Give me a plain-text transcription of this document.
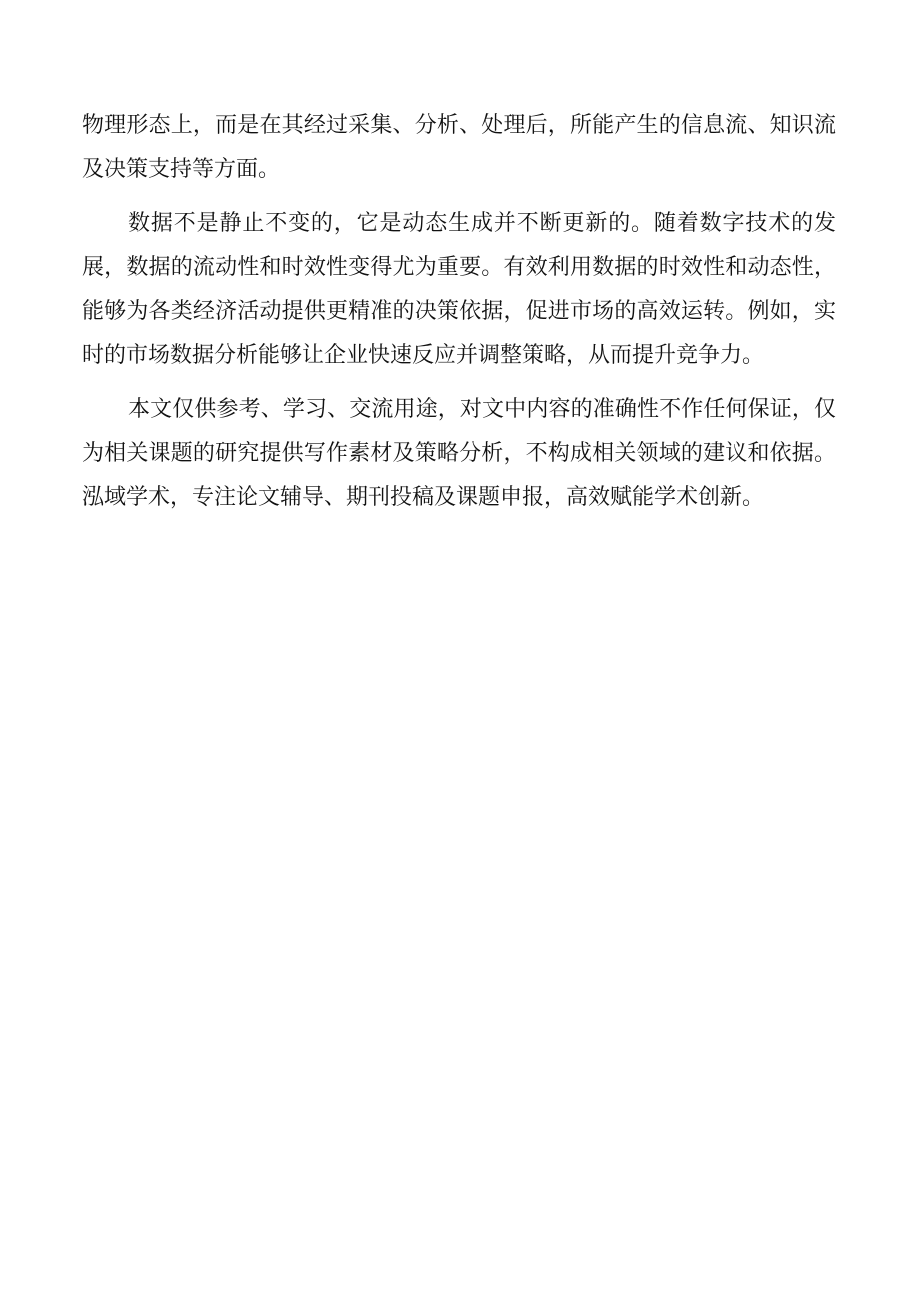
物理形态上，而是在其经过采集、分析、处理后，所能产生的信息流、知识流及决策支持等方面。

数据不是静止不变的，它是动态生成并不断更新的。随着数字技术的发展，数据的流动性和时效性变得尤为重要。有效利用数据的时效性和动态性，能够为各类经济活动提供更精准的决策依据，促进市场的高效运转。例如，实时的市场数据分析能够让企业快速反应并调整策略，从而提升竞争力。

本文仅供参考、学习、交流用途，对文中内容的准确性不作任何保证，仅为相关课题的研究提供写作素材及策略分析，不构成相关领域的建议和依据。泓域学术，专注论文辅导、期刊投稿及课题申报，高效赋能学术创新。
